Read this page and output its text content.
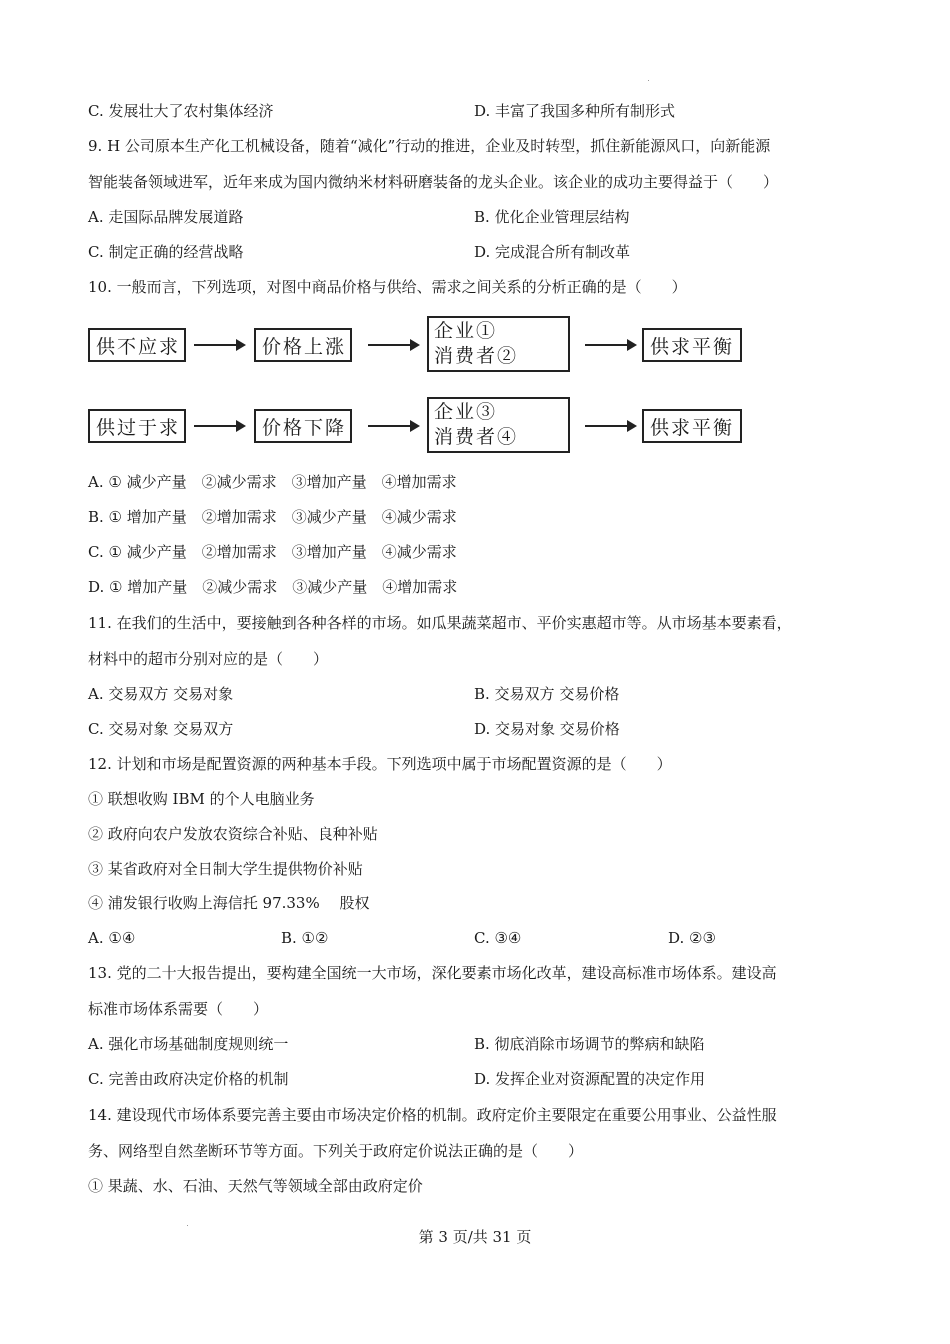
C. 发展壮大了农村集体经济	D. 丰富了我国多种所有制形式
9. H 公司原本生产化工机械设备，随着“减化”行动的推进，企业及时转型，抓住新能源风口，向新能源
智能装备领域进军，近年来成为国内微纳米材料研磨装备的龙头企业。该企业的成功主要得益于（　　）
A. 走国际品牌发展道路	B. 优化企业管理层结构
C. 制定正确的经营战略	D. 完成混合所有制改革
10. 一般而言，下列选项，对图中商品价格与供给、需求之间关系的分析正确的是（　　）
供不应求	价格上涨
企业①
消费者②	供求平衡
供过于求	价格下降
企业③
消费者④	供求平衡
A. ① 减少产量　②减少需求　③增加产量　④增加需求
B. ① 增加产量　②增加需求　③减少产量　④减少需求
C. ① 减少产量　②增加需求　③增加产量　④减少需求
D. ① 增加产量　②减少需求　③减少产量　④增加需求
11. 在我们的生活中，要接触到各种各样的市场。如瓜果蔬菜超市、平价实惠超市等。从市场基本要素看，
材料中的超市分别对应的是（　　）
A. 交易双方 交易对象	B. 交易双方 交易价格
C. 交易对象 交易双方	D. 交易对象 交易价格
12. 计划和市场是配置资源的两种基本手段。下列选项中属于市场配置资源的是（　　）
① 联想收购 IBM 的个人电脑业务
② 政府向农户发放农资综合补贴、良种补贴
③ 某省政府对全日制大学生提供物价补贴
④ 浦发银行收购上海信托 97.33%　 股权
A. ①④	B. ①②	C. ③④	D. ②③
13. 党的二十大报告提出，要构建全国统一大市场，深化要素市场化改革，建设高标准市场体系。建设高
标准市场体系需要（　　）
A. 强化市场基础制度规则统一	B. 彻底消除市场调节的弊病和缺陷
C. 完善由政府决定价格的机制	D. 发挥企业对资源配置的决定作用
14. 建设现代市场体系要完善主要由市场决定价格的机制。政府定价主要限定在重要公用事业、公益性服
务、网络型自然垄断环节等方面。下列关于政府定价说法正确的是（　　）
① 果蔬、水、石油、天然气等领域全部由政府定价
第 3 页/共 31 页
